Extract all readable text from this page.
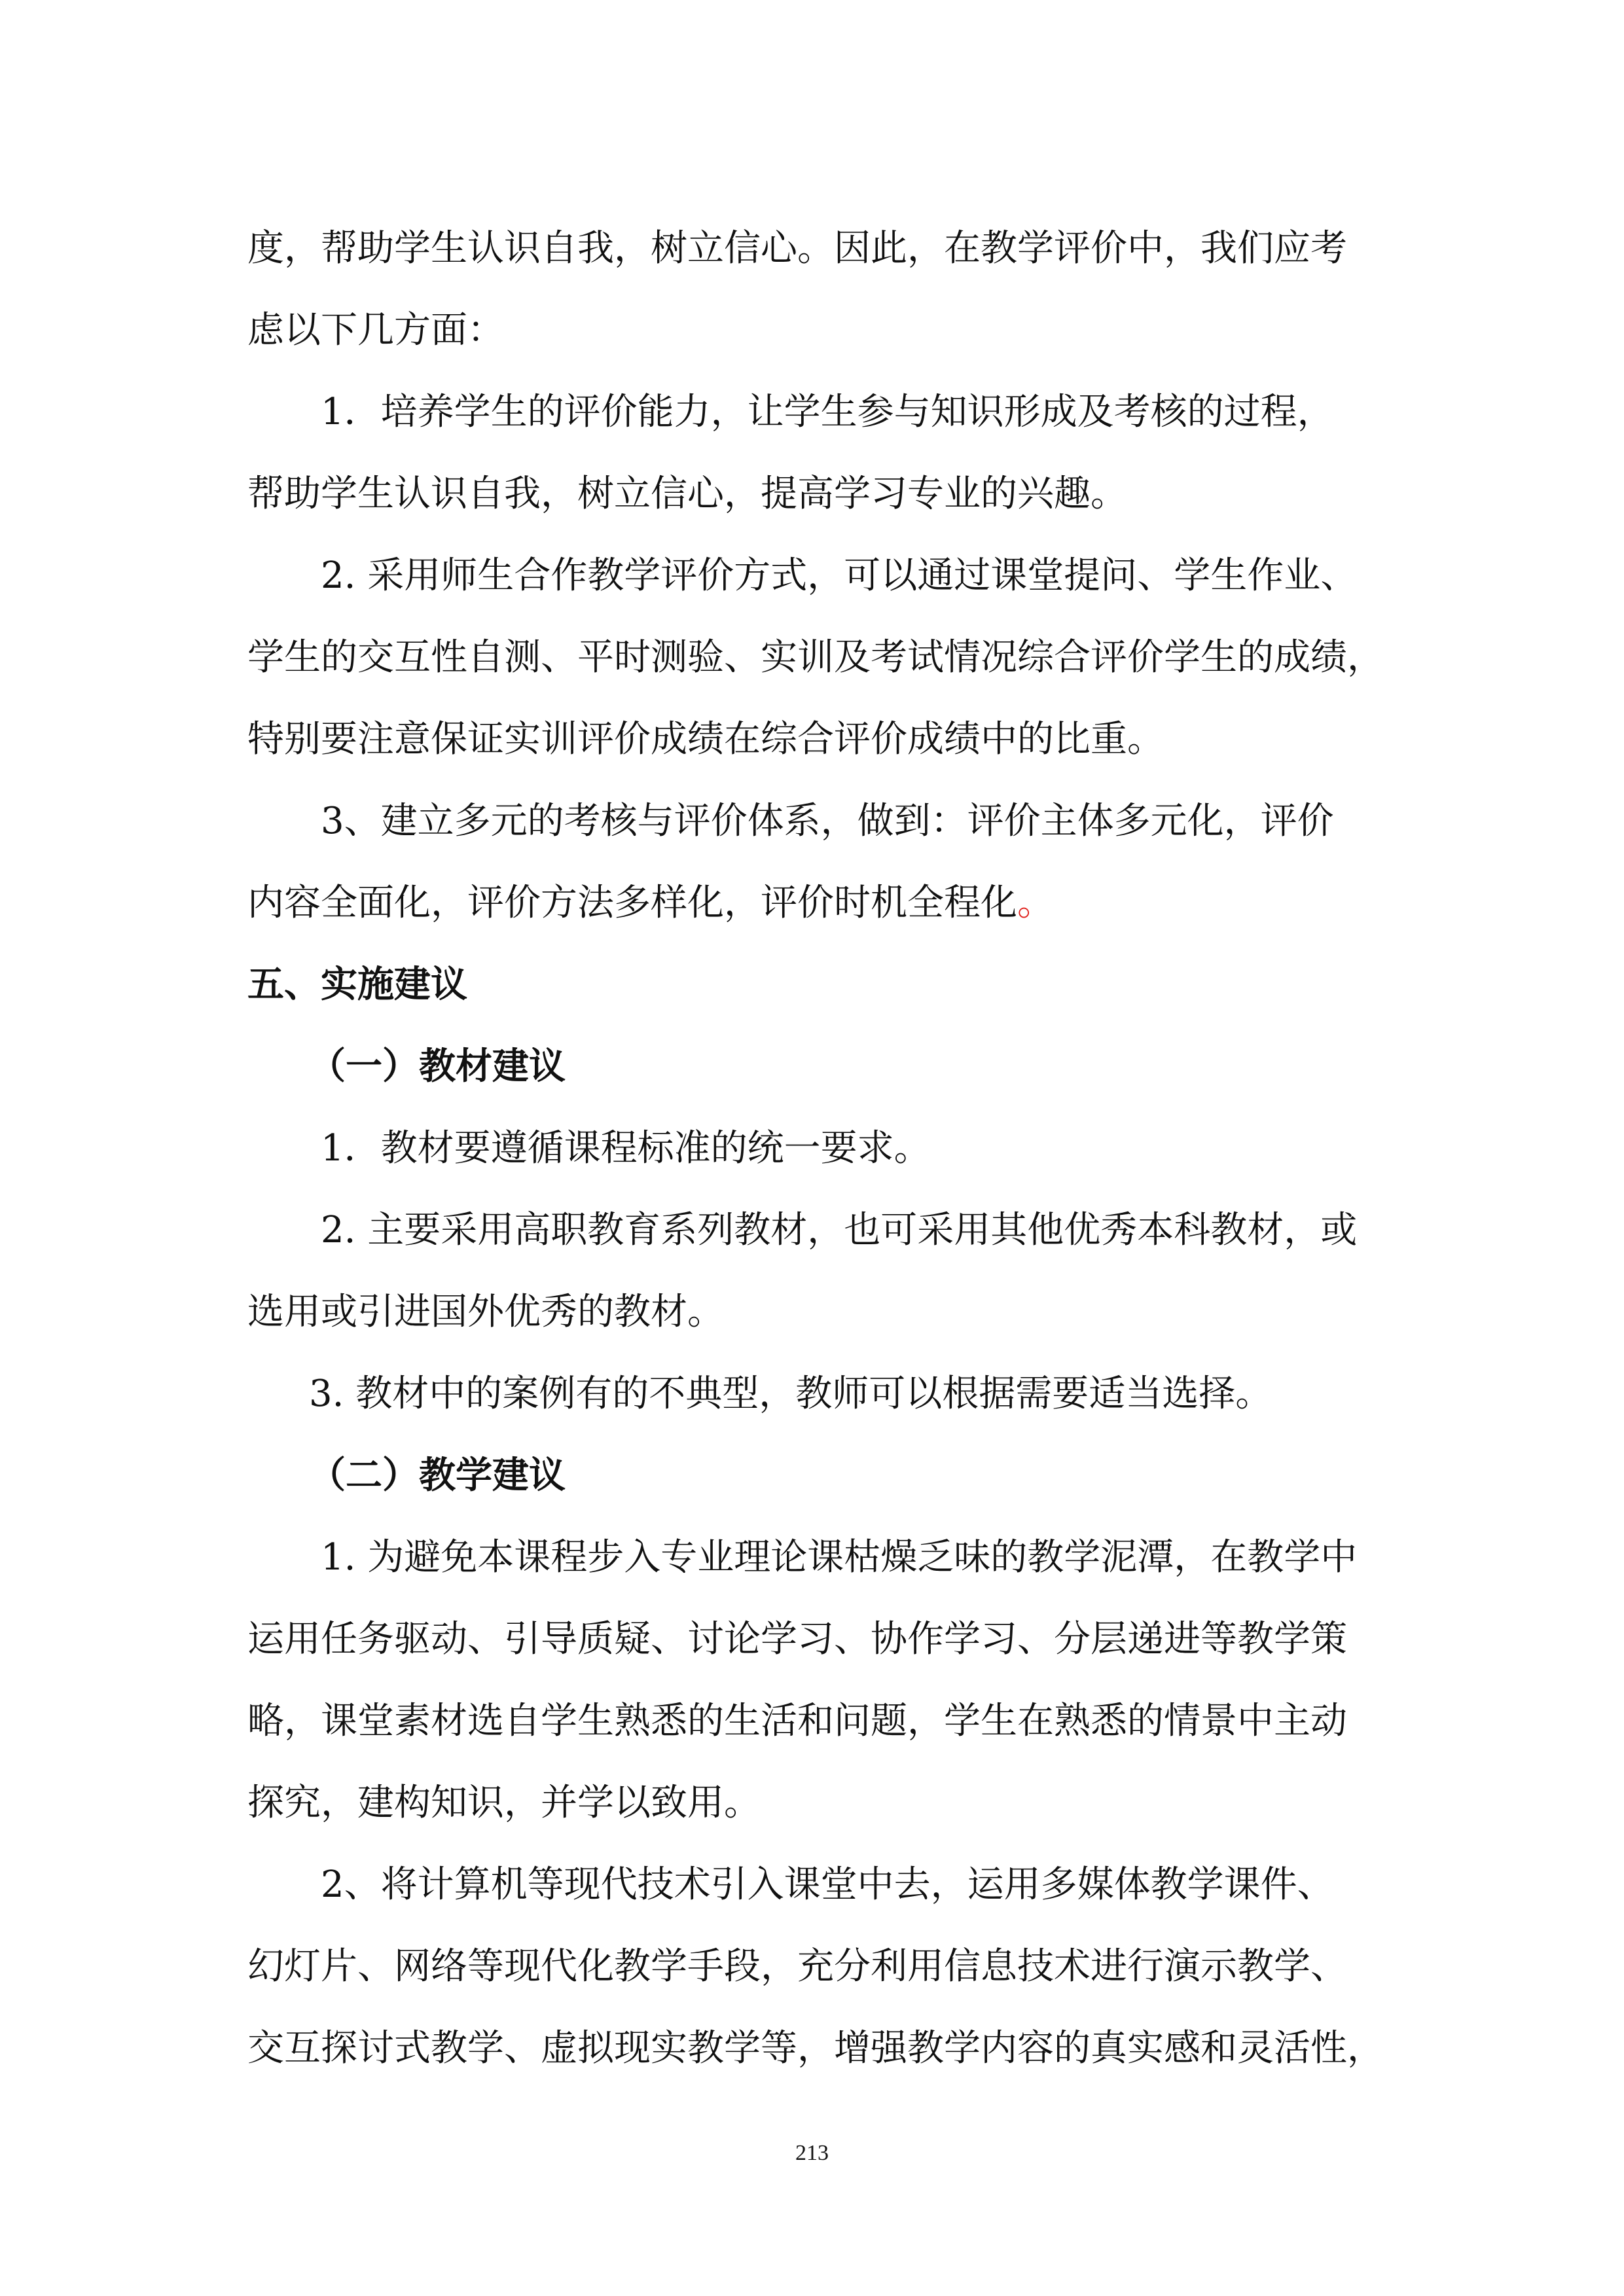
度，帮助学生认识自我，树立信心。因此，在教学评价中，我们应考
虑以下几方面：
1．培养学生的评价能力，让学生参与知识形成及考核的过程，
帮助学生认识自我，树立信心，提高学习专业的兴趣。
2. 采用师生合作教学评价方式，可以通过课堂提问、学生作业、
学生的交互性自测、平时测验、实训及考试情况综合评价学生的成绩，
特别要注意保证实训评价成绩在综合评价成绩中的比重。
3、建立多元的考核与评价体系，做到：评价主体多元化，评价
内容全面化，评价方法多样化，评价时机全程化。
五、实施建议
（一）教材建议
1．教材要遵循课程标准的统一要求。
2. 主要采用高职教育系列教材，也可采用其他优秀本科教材，或
选用或引进国外优秀的教材。
3. 教材中的案例有的不典型，教师可以根据需要适当选择。
（二）教学建议
1. 为避免本课程步入专业理论课枯燥乏味的教学泥潭，在教学中
运用任务驱动、引导质疑、讨论学习、协作学习、分层递进等教学策
略，课堂素材选自学生熟悉的生活和问题，学生在熟悉的情景中主动
探究，建构知识，并学以致用。
2、将计算机等现代技术引入课堂中去，运用多媒体教学课件、
幻灯片、网络等现代化教学手段，充分利用信息技术进行演示教学、
交互探讨式教学、虚拟现实教学等，增强教学内容的真实感和灵活性，
213
